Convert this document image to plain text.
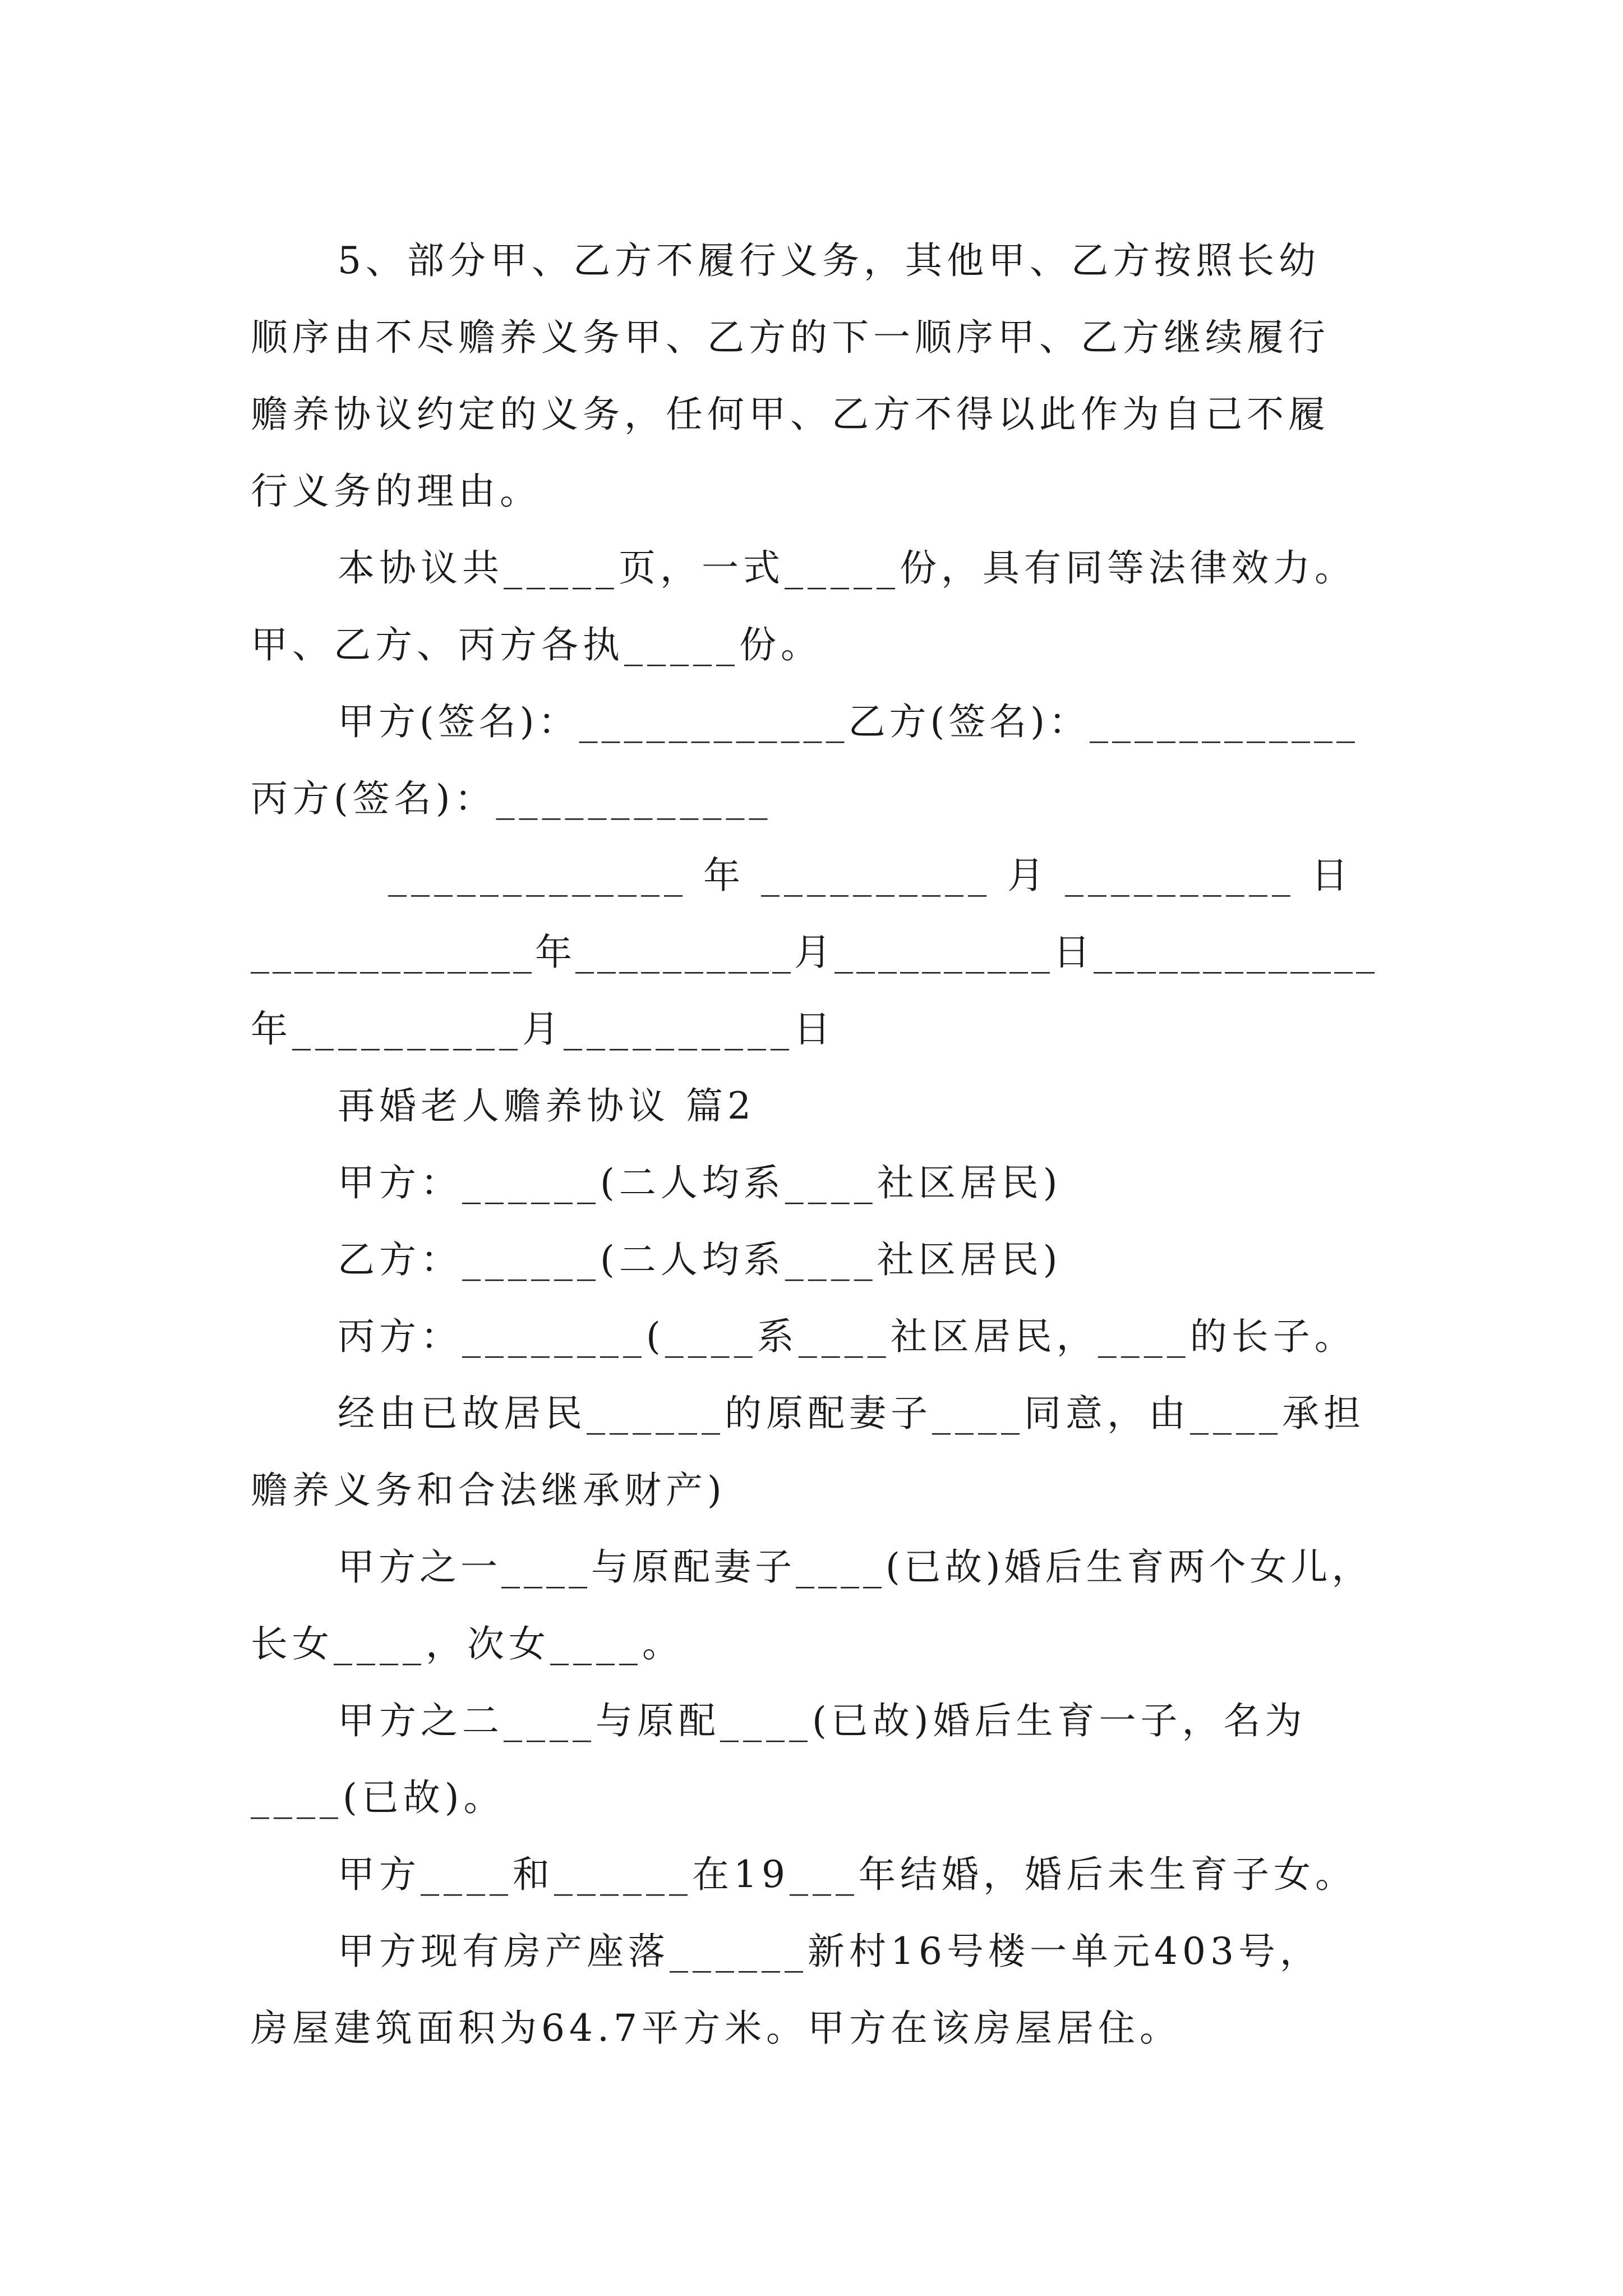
5、部分甲、乙方不履行义务，其他甲、乙方按照长幼
顺序由不尽赡养义务甲、乙方的下一顺序甲、乙方继续履行
赡养协议约定的义务，任何甲、乙方不得以此作为自己不履
行义务的理由。
本协议共_____页，一式_____份，具有同等法律效力。
甲、乙方、丙方各执_____份。
甲方(签名)：____________乙方(签名)：____________
丙方(签名)：____________
_____________ 年 __________ 月 __________ 日
_____________年__________月__________日_____________
年__________月__________日
再婚老人赡养协议 篇2
甲方：______(二人均系____社区居民)
乙方：______(二人均系____社区居民)
丙方：________(____系____社区居民，____的长子。
经由已故居民______的原配妻子____同意，由____承担
赡养义务和合法继承财产)
甲方之一____与原配妻子____(已故)婚后生育两个女儿，
长女____，次女____。
甲方之二____与原配____(已故)婚后生育一子，名为
____(已故)。
甲方____和______在19___年结婚，婚后未生育子女。
甲方现有房产座落______新村16号楼一单元403号，
房屋建筑面积为64.7平方米。甲方在该房屋居住。
